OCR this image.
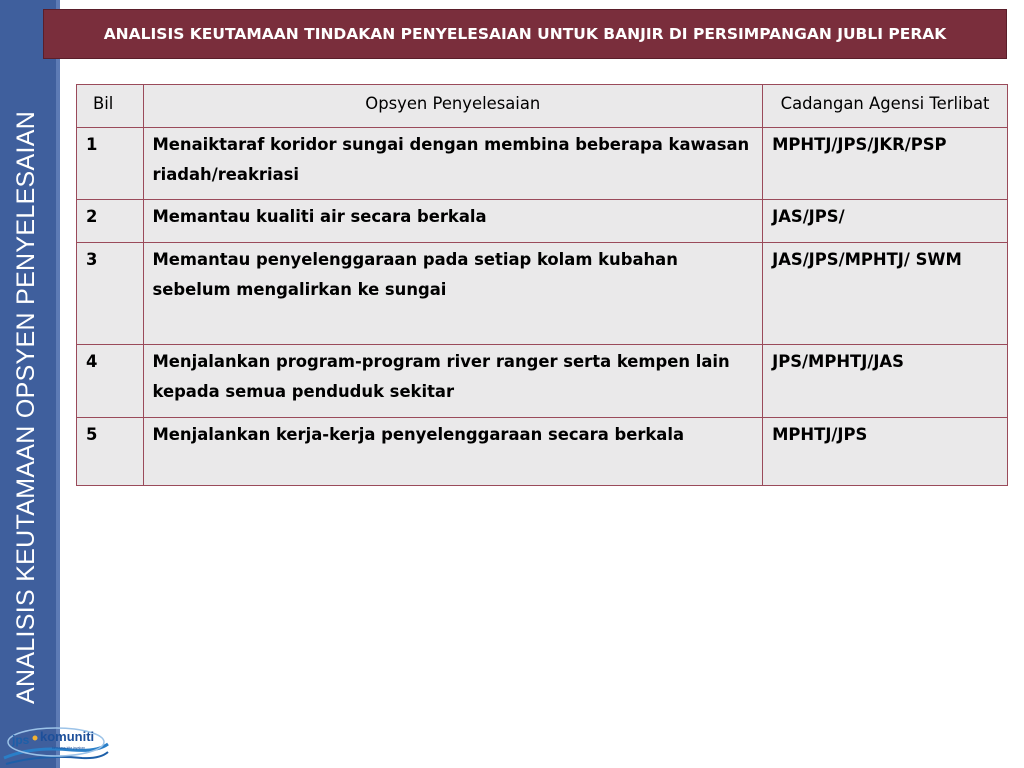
ANALISIS KEUTAMAAN OPSYEN PENYELESAIAN
ANALISIS KEUTAMAAN TINDAKAN PENYELESAIAN UNTUK BANJIR DI PERSIMPANGAN JUBLI PERAK
Bil	Opsyen Penyelesaian	Cadangan Agensi Terlibat
1	Menaiktaraf koridor sungai dengan membina beberapa kawasan riadah/reakriasi	MPHTJ/JPS/JKR/PSP
2	Memantau kualiti air secara berkala	JAS/JPS/
3	Memantau penyelenggaraan pada setiap kolam kubahan sebelum mengalirkan ke sungai	JAS/JPS/MPHTJ/ SWM
4	Menjalankan program-program river ranger serta kempen lain kepada semua penduduk sekitar	JPS/MPHTJ/JAS
5	Menjalankan kerja-kerja penyelenggaraan secara berkala	MPHTJ/JPS
jps komuniti
bersama kita jayakan
